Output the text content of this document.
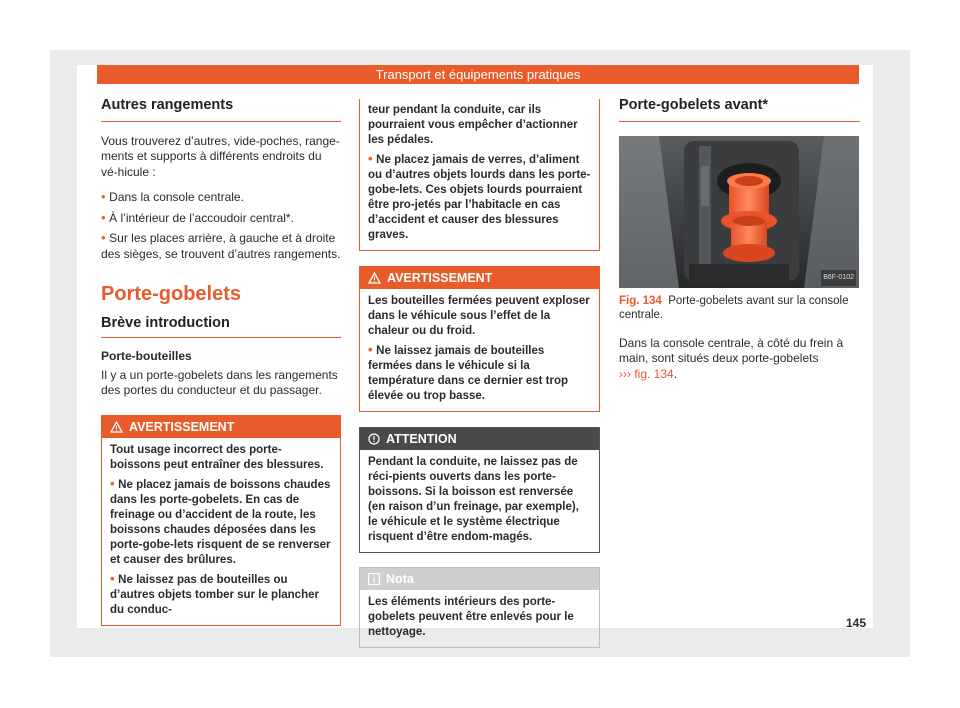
Transport et équipements pratiques
Autres rangements

Vous trouverez d’autres, vide-poches, range-ments et supports à différents endroits du vé-hicule :

• Dans la console centrale.

• À l’intérieur de l’accoudoir central*.

• Sur les places arrière, à gauche et à droite des sièges, se trouvent d’autres rangements.

Porte-gobelets
Brève introduction

Porte-bouteilles

Il y a un porte-gobelets dans les rangements des portes du conducteur et du passager.

AVERTISSEMENT

Tout usage incorrect des porte-boissons peut entraîner des blessures.

• Ne placez jamais de boissons chaudes dans les porte-gobelets. En cas de freinage ou d’accident de la route, les boissons chaudes déposées dans les porte-gobe-lets risquent de se renverser et causer des brûlures.

• Ne laissez pas de bouteilles ou d’autres objets tomber sur le plancher du conduc-

teur pendant la conduite, car ils pourraient vous empêcher d’actionner les pédales.

• Ne placez jamais de verres, d’aliment ou d’autres objets lourds dans les porte-gobe-lets. Ces objets lourds pourraient être pro-jetés par l’habitacle en cas d’accident et causer des blessures graves.

AVERTISSEMENT

Les bouteilles fermées peuvent exploser dans le véhicule sous l’effet de la chaleur ou du froid.

• Ne laissez jamais de bouteilles fermées dans le véhicule si la température dans ce dernier est trop élevée ou trop basse.

ATTENTION

Pendant la conduite, ne laissez pas de réci-pients ouverts dans les porte-boissons. Si la boisson est renversée (en raison d’un freinage, par exemple), le véhicule et le système électrique risquent d’être endom-magés.

Nota

Les éléments intérieurs des porte-gobelets peuvent être enlevés pour le nettoyage.

Porte-gobelets avant*
B6F-0102

Fig. 134 Porte-gobelets avant sur la console centrale.

Dans la console centrale, à côté du frein à main, sont situés deux porte-gobelets
››› fig. 134.

145
